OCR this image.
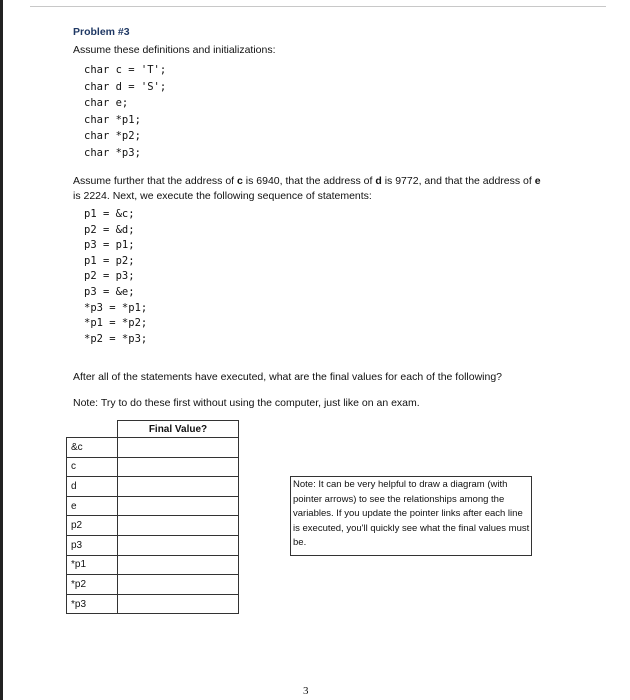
Problem #3
Assume these definitions and initializations:
char c = 'T';
char d = 'S';
char e;
char *p1;
char *p2;
char *p3;
Assume further that the address of c is 6940, that the address of d is 9772, and that the address of e is 2224. Next, we execute the following sequence of statements:
p1 = &c;
p2 = &d;
p3 = p1;
p1 = p2;
p2 = p3;
p3 = &e;
*p3 = *p1;
*p1 = *p2;
*p2 = *p3;
After all of the statements have executed, what are the final values for each of the following?
Note: Try to do these first without using the computer, just like on an exam.
	Final Value?
&c	
c	
d	
e	
p2	
p3	
*p1	
*p2	
*p3	
Note: It can be very helpful to draw a diagram (with pointer arrows) to see the relationships among the variables. If you update the pointer links after each line is executed, you'll quickly see what the final values must be.
3
